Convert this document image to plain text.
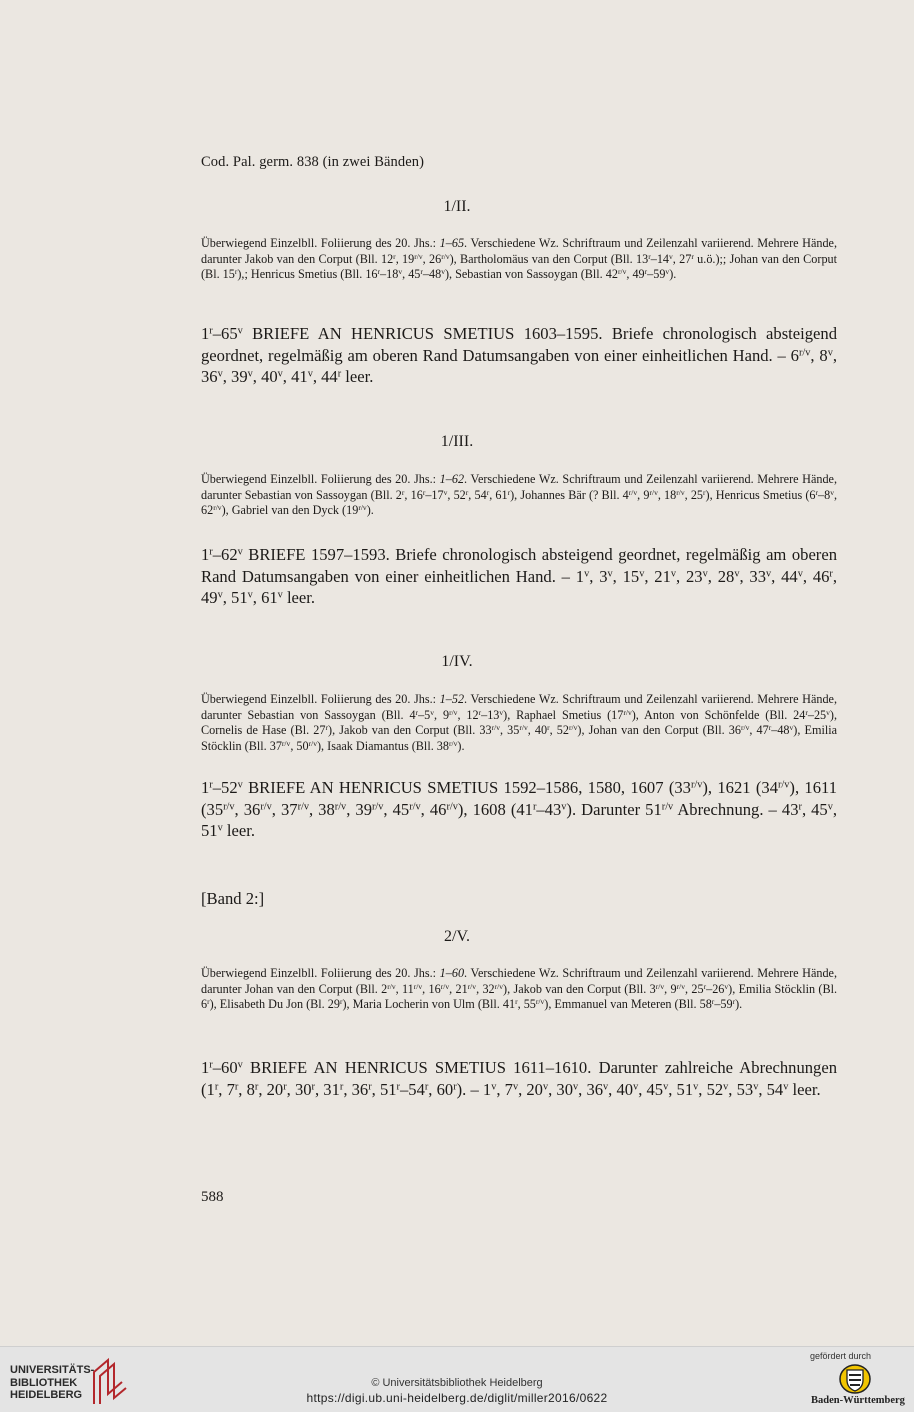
Cod. Pal. germ. 838 (in zwei Bänden)
1/II.
Überwiegend Einzelbll. Foliierung des 20. Jhs.: 1–65. Verschiedene Wz. Schriftraum und Zeilenzahl variierend. Mehrere Hände, darunter Jakob van den Corput (Bll. 12$^r$, $19^{r/v}$, $26^{r/v}$), Bartholomäus van den Corput (Bll. 13$^r$–14$^v$, 27$^r$ u.ö.);; Johan van den Corput (Bl. 15$^r$),; Henricus Smetius (Bll. 16$^r$–18$^v$, 45$^r$–48$^v$), Sebastian von Sassoygan (Bll. $42^{r/v}$, 49$^r$–59$^v$).
1$^r$–65$^v$ BRIEFE AN HENRICUS SMETIUS 1603–1595. Briefe chronologisch absteigend geordnet, regelmäßig am oberen Rand Datumsangaben von einer einheitlichen Hand. – $6^{r/v}$, 8$^v$, 36$^v$, 39$^v$, 40$^v$, 41$^v$, 44$^r$ leer.
1/III.
Überwiegend Einzelbll. Foliierung des 20. Jhs.: 1–62. Verschiedene Wz. Schriftraum und Zeilenzahl variierend. Mehrere Hände, darunter Sebastian von Sassoygan (Bll. 2$^r$, 16$^r$–17$^v$, 52$^r$, 54$^r$, 61$^r$), Johannes Bär (? Bll. $4^{r/v}$, $9^{r/v}$, $18^{r/v}$, 25$^r$), Henricus Smetius (6$^r$–8$^v$, $62^{r/v}$), Gabriel van den Dyck $(19^{r/v})$.
1$^r$–62$^v$ BRIEFE 1597–1593. Briefe chronologisch absteigend geordnet, regelmäßig am oberen Rand Datumsangaben von einer einheitlichen Hand. – 1$^v$, 3$^v$, 15$^v$, 21$^v$, 23$^v$, 28$^v$, 33$^v$, 44$^v$, 46$^r$, 49$^v$, 51$^v$, 61$^v$ leer.
1/IV.
Überwiegend Einzelbll. Foliierung des 20. Jhs.: 1–52. Verschiedene Wz. Schriftraum und Zeilenzahl variierend. Mehrere Hände, darunter Sebastian von Sassoygan (Bll. 4$^r$–5$^v$, $9^{r/v}$, 12$^r$–13$^v$), Raphael Smetius $(17^{r/v})$, Anton von Schönfelde (Bll. 24$^r$–25$^v$), Cornelis de Hase (Bl. 27$^r$), Jakob van den Corput (Bll. $33^{r/v}$, $35^{r/v}$, 40$^r$, $52^{r/v}$), Johan van den Corput (Bll. $36^{r/v}$, 47$^r$–48$^v$), Emilia Stöcklin (Bll. $37^{r/v}$, $50^{r/v}$), Isaak Diamantus (Bll. $38^{r/v}$).
1$^r$–52$^v$ BRIEFE AN HENRICUS SMETIUS 1592–1586, 1580, 1607 $(33^{r/v})$, 1621 $(34^{r/v})$, 1611 ($35^{r/v}$, $36^{r/v}$, $37^{r/v}$, $38^{r/v}$, $39^{r/v}$, $45^{r/v}$, $46^{r/v}$), 1608 (41$^r$–43$^v$). Darunter $51^{r/v}$ Abrechnung. – 43$^r$, 45$^v$, 51$^v$ leer.
[Band 2:]
2/V.
Überwiegend Einzelbll. Foliierung des 20. Jhs.: 1–60. Verschiedene Wz. Schriftraum und Zeilenzahl variierend. Mehrere Hände, darunter Johan van den Corput (Bll. $2^{r/v}$, $11^{r/v}$, $16^{r/v}$, $21^{r/v}$, $32^{r/v}$), Jakob van den Corput (Bll. $3^{r/v}$, $9^{r/v}$, 25$^r$–26$^v$), Emilia Stöcklin (Bl. 6$^r$), Elisabeth Du Jon (Bl. 29$^r$), Maria Locherin von Ulm (Bll. 41$^r$, $55^{r/v}$), Emmanuel van Meteren (Bll. 58$^r$–59$^r$).
1$^r$–60$^v$ BRIEFE AN HENRICUS SMETIUS 1611–1610. Darunter zahlreiche Abrechnungen (1$^r$, 7$^r$, 8$^r$, 20$^r$, 30$^r$, 31$^r$, 36$^r$, 51$^r$–54$^r$, 60$^r$). – 1$^v$, 7$^v$, 20$^v$, 30$^v$, 36$^v$, 40$^v$, 45$^v$, 51$^v$, 52$^v$, 53$^v$, 54$^v$ leer.
588
UNIVERSITÄTS-
BIBLIOTHEK
HEIDELBERG
© Universitätsbibliothek Heidelberg
https://digi.ub.uni-heidelberg.de/diglit/miller2016/0622
gefördert durch
Baden-Württemberg
